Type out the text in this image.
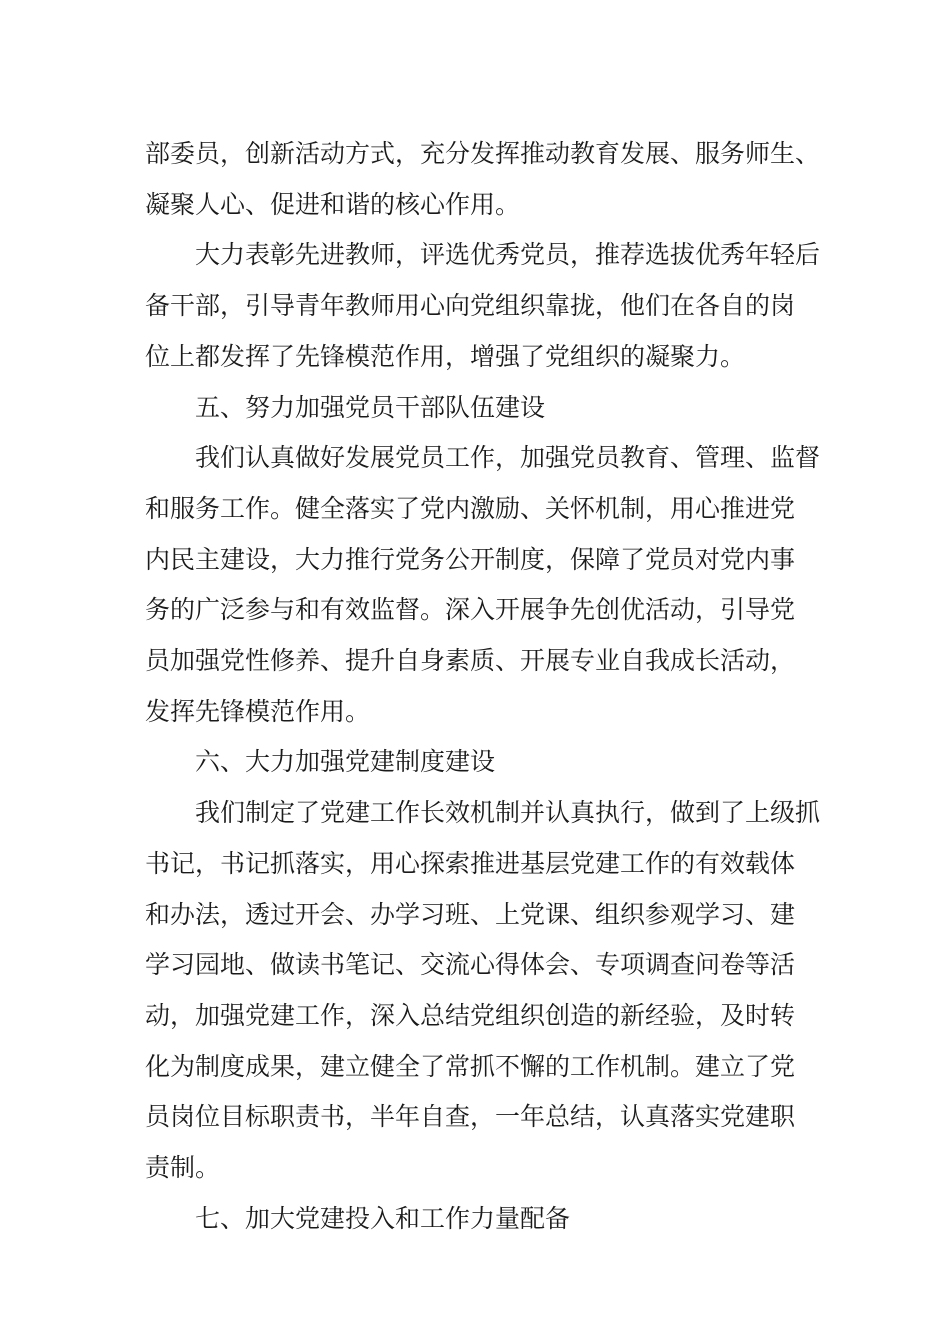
部委员，创新活动方式，充分发挥推动教育发展、服务师生、
凝聚人心、促进和谐的核心作用。
大力表彰先进教师，评选优秀党员，推荐选拔优秀年轻后
备干部，引导青年教师用心向党组织靠拢，他们在各自的岗
位上都发挥了先锋模范作用，增强了党组织的凝聚力。
五、努力加强党员干部队伍建设
我们认真做好发展党员工作，加强党员教育、管理、监督
和服务工作。健全落实了党内激励、关怀机制，用心推进党
内民主建设，大力推行党务公开制度，保障了党员对党内事
务的广泛参与和有效监督。深入开展争先创优活动，引导党
员加强党性修养、提升自身素质、开展专业自我成长活动，
发挥先锋模范作用。
六、大力加强党建制度建设
我们制定了党建工作长效机制并认真执行，做到了上级抓
书记，书记抓落实，用心探索推进基层党建工作的有效载体
和办法，透过开会、办学习班、上党课、组织参观学习、建
学习园地、做读书笔记、交流心得体会、专项调查问卷等活
动，加强党建工作，深入总结党组织创造的新经验，及时转
化为制度成果，建立健全了常抓不懈的工作机制。建立了党
员岗位目标职责书，半年自查，一年总结，认真落实党建职
责制。
七、加大党建投入和工作力量配备
